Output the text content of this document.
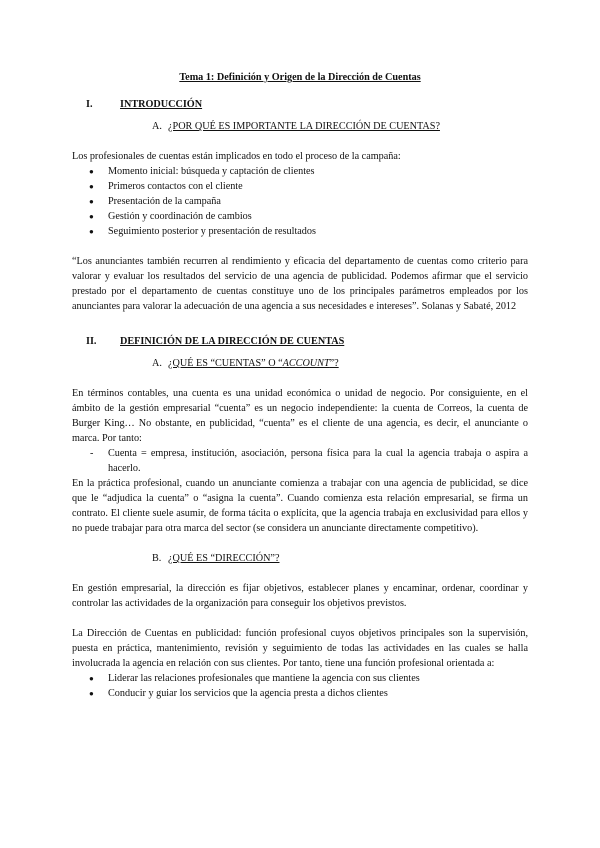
Tema 1: Definición y Origen de la Dirección de Cuentas
I.	INTRODUCCIÓN
A. ¿POR QUÉ ES IMPORTANTE LA DIRECCIÓN DE CUENTAS?

Los profesionales de cuentas están implicados en todo el proceso de la campaña:

● Momento inicial: búsqueda y captación de clientes
● Primeros contactos con el cliente
● Presentación de la campaña
● Gestión y coordinación de cambios
● Seguimiento posterior y presentación de resultados

“Los anunciantes también recurren al rendimiento y eficacia del departamento de cuentas como criterio para valorar y evaluar los resultados del servicio de una agencia de publicidad. Podemos afirmar que el servicio prestado por el departamento de cuentas constituye uno de los principales parámetros empleados por los anunciantes para valorar la adecuación de una agencia a sus necesidades e intereses”. Solanas y Sabaté, 2012

II.	DEFINICIÓN DE LA DIRECCIÓN DE CUENTAS
A. ¿QUÉ ES “CUENTAS” O “ACCOUNT”?

En términos contables, una cuenta es una unidad económica o unidad de negocio. Por consiguiente, en el ámbito de la gestión empresarial “cuenta” es un negocio independiente: la cuenta de Correos, la cuenta de Burger King… No obstante, en publicidad, “cuenta” es el cliente de una agencia, es decir, el anunciante o marca. Por tanto:

- Cuenta = empresa, institución, asociación, persona física para la cual la agencia trabaja o aspira a hacerlo.

En la práctica profesional, cuando un anunciante comienza a trabajar con una agencia de publicidad, se dice que le “adjudica la cuenta” o “asigna la cuenta”. Cuando comienza esta relación empresarial, se firma un contrato. El cliente suele asumir, de forma tácita o explícita, que la agencia trabaja en exclusividad para ellos y no puede trabajar para otra marca del sector (se considera un anunciante directamente competitivo).

B. ¿QUÉ ES “DIRECCIÓN”?

En gestión empresarial, la dirección es fijar objetivos, establecer planes y encaminar, ordenar, coordinar y controlar las actividades de la organización para conseguir los objetivos previstos.

La Dirección de Cuentas en publicidad: función profesional cuyos objetivos principales son la supervisión, puesta en práctica, mantenimiento, revisión y seguimiento de todas las actividades en las cuales se halla involucrada la agencia en relación con sus clientes. Por tanto, tiene una función profesional orientada a:

● Liderar las relaciones profesionales que mantiene la agencia con sus clientes
● Conducir y guiar los servicios que la agencia presta a dichos clientes
